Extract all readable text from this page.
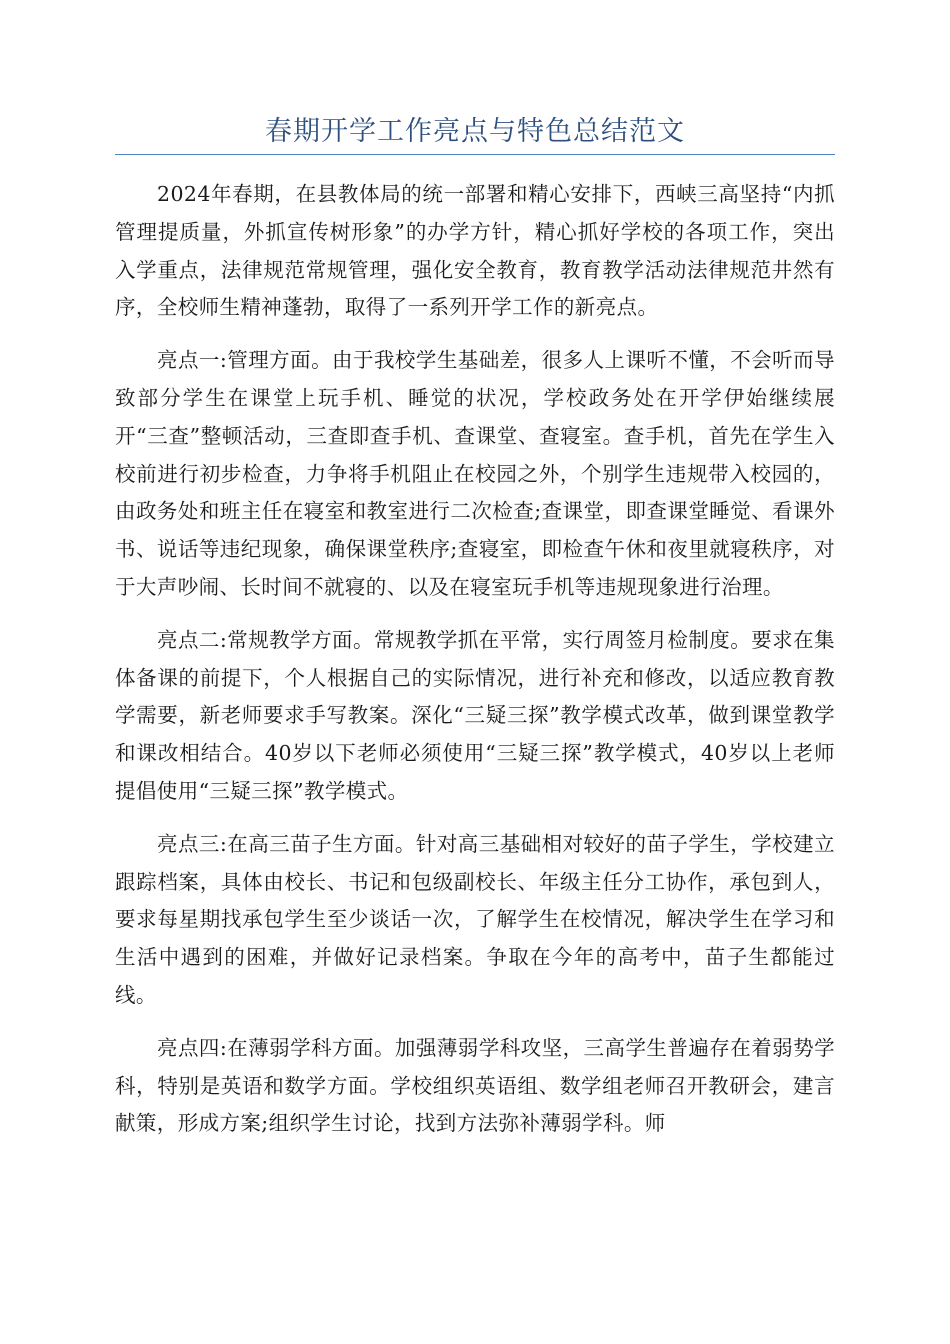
春期开学工作亮点与特色总结范文

2024年春期，在县教体局的统一部署和精心安排下，西峡三高坚持“内抓管理提质量，外抓宣传树形象”的办学方针，精心抓好学校的各项工作，突出入学重点，法律规范常规管理，强化安全教育，教育教学活动法律规范井然有序，全校师生精神蓬勃，取得了一系列开学工作的新亮点。

亮点一:管理方面。由于我校学生基础差，很多人上课听不懂，不会听而导致部分学生在课堂上玩手机、睡觉的状况，学校政务处在开学伊始继续展开“三查”整顿活动，三查即查手机、查课堂、查寝室。查手机，首先在学生入校前进行初步检查，力争将手机阻止在校园之外，个别学生违规带入校园的，由政务处和班主任在寝室和教室进行二次检查;查课堂，即查课堂睡觉、看课外书、说话等违纪现象，确保课堂秩序;查寝室，即检查午休和夜里就寝秩序，对于大声吵闹、长时间不就寝的、以及在寝室玩手机等违规现象进行治理。

亮点二:常规教学方面。常规教学抓在平常，实行周签月检制度。要求在集体备课的前提下，个人根据自己的实际情况，进行补充和修改，以适应教育教学需要，新老师要求手写教案。深化“三疑三探”教学模式改革，做到课堂教学和课改相结合。40岁以下老师必须使用“三疑三探”教学模式，40岁以上老师提倡使用“三疑三探”教学模式。

亮点三:在高三苗子生方面。针对高三基础相对较好的苗子学生，学校建立跟踪档案，具体由校长、书记和包级副校长、年级主任分工协作，承包到人，要求每星期找承包学生至少谈话一次，了解学生在校情况，解决学生在学习和生活中遇到的困难，并做好记录档案。争取在今年的高考中，苗子生都能过线。

亮点四:在薄弱学科方面。加强薄弱学科攻坚，三高学生普遍存在着弱势学科，特别是英语和数学方面。学校组织英语组、数学组老师召开教研会，建言献策，形成方案;组织学生讨论，找到方法弥补薄弱学科。师
